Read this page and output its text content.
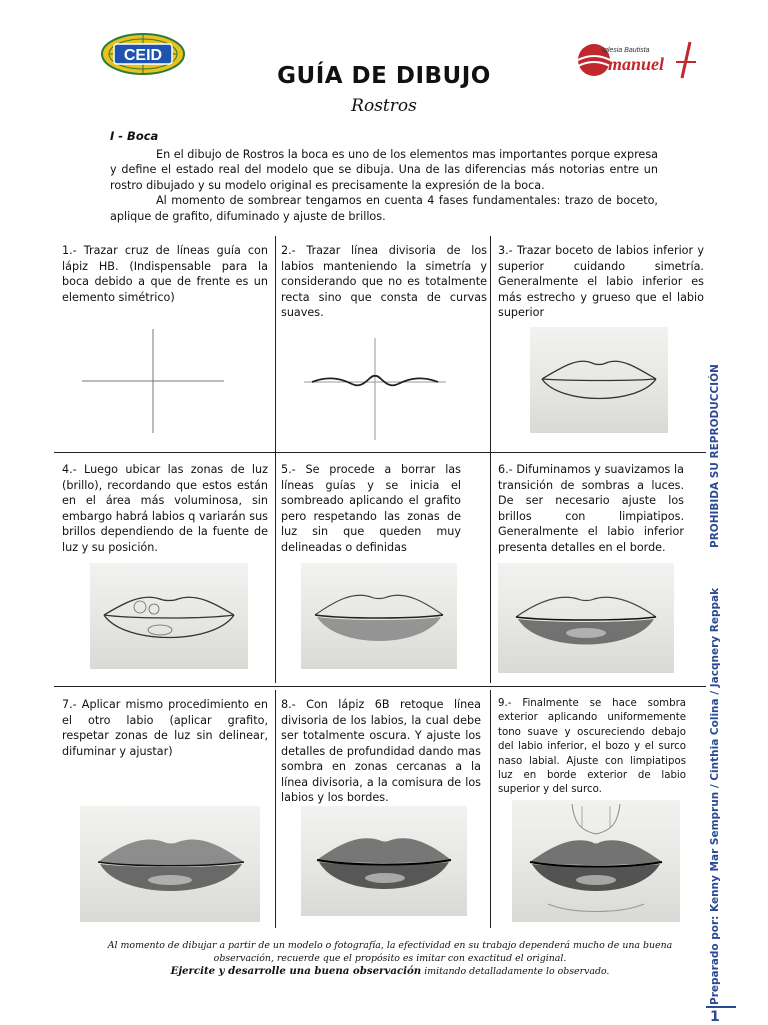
CEID	Iglesia Bautista
manuel
GUÍA DE DIBUJO
Rostros
I - Boca

En el dibujo de Rostros la boca es uno de los elementos mas importantes porque expresa y define el estado real del modelo que se dibuja. Una de las diferencias más notorias entre un rostro dibujado y su modelo original es precisamente la expresión de la boca.

Al momento de sombrear tengamos en cuenta 4 fases fundamentales: trazo de boceto, aplique de grafito, difuminado y ajuste de brillos.

1.- Trazar cruz de líneas guía con lápiz HB. (Indispensable para la boca debido a que de frente es un elemento simétrico)
2.- Trazar línea divisoria de los labios manteniendo la simetría y considerando que no es totalmente recta sino que consta de curvas suaves.
3.- Trazar boceto de labios inferior y superior cuidando simetría. Generalmente el labio inferior es más estrecho y grueso que el labio superior
4.- Luego ubicar las zonas de luz (brillo), recordando que estos están en el área más voluminosa, sin embargo habrá labios q variarán sus brillos dependiendo de la fuente de luz y su posición.
5.- Se procede a borrar las líneas guías y se inicia el sombreado aplicando el grafito pero respetando las zonas de luz sin que queden muy delineadas o definidas
6.- Difuminamos y suavizamos la transición de sombras a luces. De ser necesario ajuste los brillos con limpiatipos. Generalmente el labio inferior presenta detalles en el borde.
7.- Aplicar mismo procedimiento en el otro labio (aplicar grafito, respetar zonas de luz sin delinear, difuminar y ajustar)
8.- Con lápiz 6B retoque línea divisoria de los labios, la cual debe ser totalmente oscura. Y ajuste los detalles de profundidad dando mas sombra en zonas cercanas a la línea divisoria, a la comisura de los labios y los bordes.
9.- Finalmente se hace sombra exterior aplicando uniformemente tono suave y oscureciendo debajo del labio inferior, el bozo y el surco naso labial. Ajuste con limpiatipos luz en borde exterior de labio superior y del surco.
PROHIBIDA SU REPRODUCCIÓN
Preparado por: Kenny Mar Semprun / Cinthia Colina / Jacqnery Reppak
1
Al momento de dibujar a partir de un modelo o fotografía, la efectividad en su trabajo dependerá mucho de una buena observación, recuerde que el propósito es imitar con exactitud el original.
Ejercite y desarrolle una buena observación imitando detalladamente lo observado.
